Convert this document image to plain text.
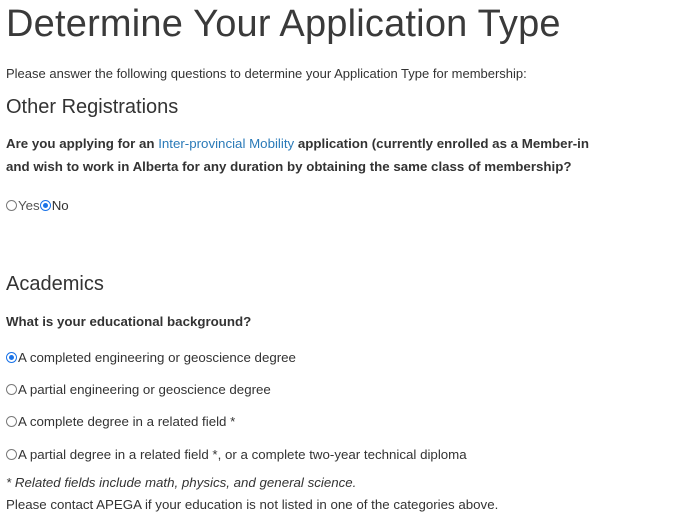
Determine Your Application Type
Please answer the following questions to determine your Application Type for membership:
Other Registrations
Are you applying for an Inter-provincial Mobility application (currently enrolled as a Member-in
and wish to work in Alberta for any duration by obtaining the same class of membership?
Yes No
Academics
What is your educational background?
A completed engineering or geoscience degree
A partial engineering or geoscience degree
A complete degree in a related field *
A partial degree in a related field *, or a complete two-year technical diploma
* Related fields include math, physics, and general science.
Please contact APEGA if your education is not listed in one of the categories above.
